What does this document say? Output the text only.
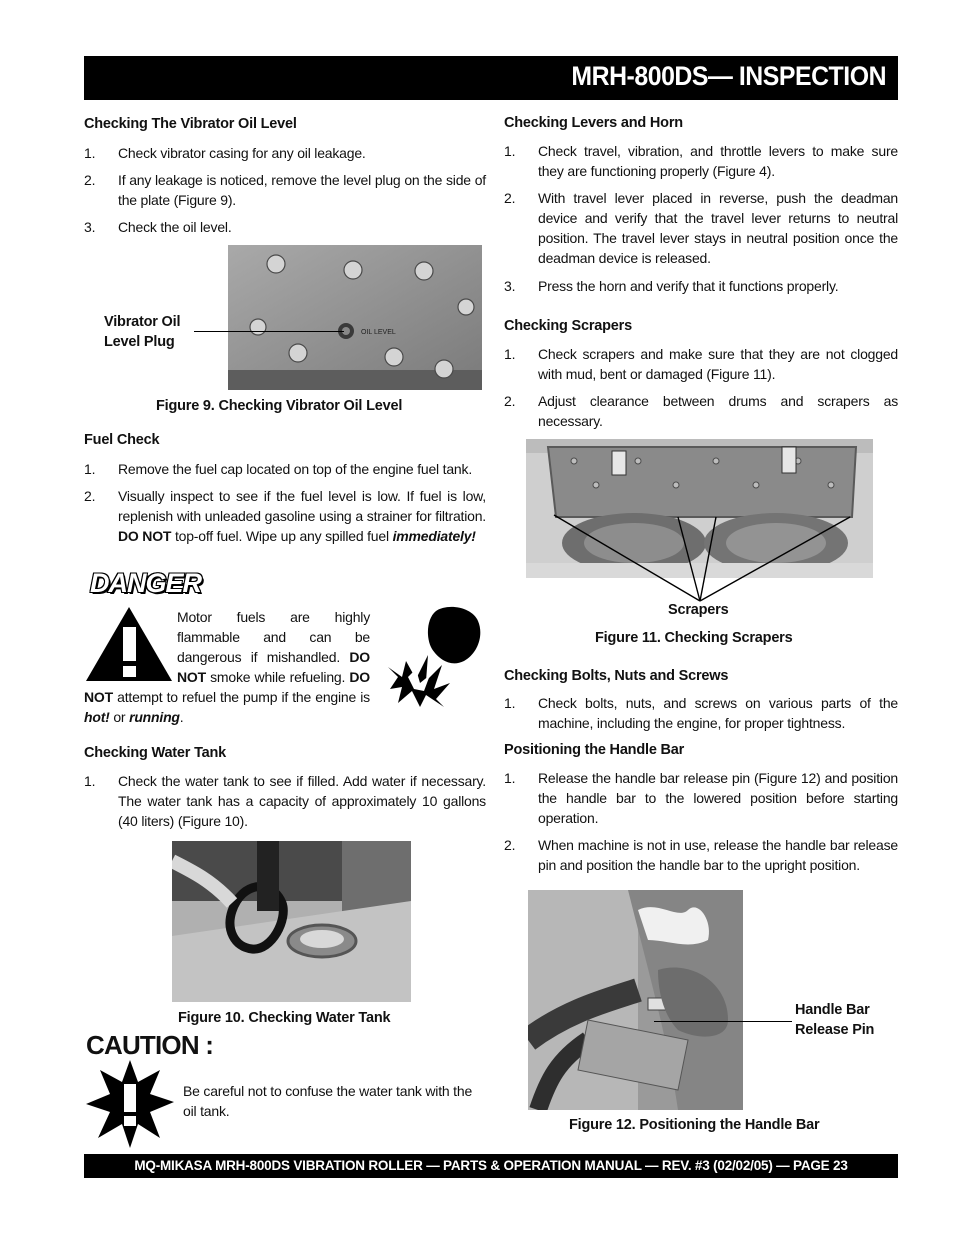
MRH-800DS— INSPECTION
Checking The Vibrator Oil Level
1. Check vibrator casing for any oil leakage.
2. If any leakage is noticed, remove the level plug on the side of the plate (Figure 9).
3. Check the oil level.
OIL LEVEL
Vibrator Oil
Level Plug
Figure 9. Checking Vibrator Oil Level
Fuel Check
1. Remove the fuel cap located on top of the engine fuel tank.
2. Visually inspect to see if the fuel level is low. If fuel is low, replenish with unleaded gasoline using a strainer for filtration. DO NOT top-off fuel. Wipe up any spilled fuel immediately!
DANGER
Motor fuels are highly flammable and can be dangerous if mishandled. DO NOT smoke while refueling. DO NOT attempt to refuel the pump if the engine is hot! or running.
Checking Water Tank
1. Check the water tank to see if filled. Add water if necessary. The water tank has a capacity of approximately 10 gallons (40 liters) (Figure 10).
Figure 10. Checking Water Tank
CAUTION :
Be careful not to confuse the water tank with the oil tank.
Checking Levers and Horn
1. Check travel, vibration, and throttle levers to make sure they are functioning properly (Figure 4).
2. With travel lever placed in reverse, push the deadman device and verify that the travel lever returns to neutral position. The travel lever stays in neutral position once the deadman device is released.
3. Press the horn and verify that it functions properly.
Checking Scrapers
1. Check scrapers and make sure that they are not clogged with mud, bent or damaged (Figure 11).
2. Adjust clearance between drums and scrapers as necessary.
Scrapers
Figure 11. Checking Scrapers
Checking Bolts, Nuts and Screws
1. Check bolts, nuts, and screws on various parts of the machine, including the engine, for proper tightness.
Positioning the Handle Bar
1. Release the handle bar release pin (Figure 12) and position the handle bar to the lowered position before starting operation.
2. When machine is not in use, release the handle bar release pin and position the handle bar to the upright position.
Handle Bar
Release Pin
Figure 12. Positioning the Handle Bar
MQ-MIKASA MRH-800DS VIBRATION ROLLER — PARTS & OPERATION MANUAL — REV. #3 (02/02/05) — PAGE 23
